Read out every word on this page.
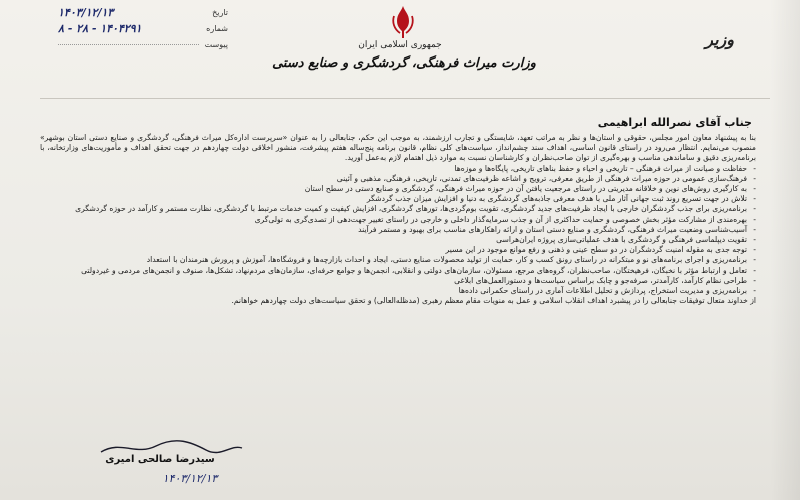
تاریخ
۱۴۰۳/۱۲/۱۳
شماره
۱۴۰۴۲۹۱ - ۲۸ - ۸
پیوست	جمهوری اسلامی ایران
وزارت میراث فرهنگی، گردشگری و صنایع دستی
وزیر
جناب آقای نصرالله ابراهیمی

بنا به پیشنهاد معاون امور مجلس، حقوقی و استان‌ها و نظر به مراتب تعهد، شایستگی و تجارب ارزشمند، به موجب این حکم، جنابعالی را به عنوان «سرپرست اداره‌کل میراث فرهنگی، گردشگری و صنایع دستی استان بوشهر» منصوب می‌نمایم. انتظار می‌رود در راستای قانون اساسی، اهداف سند چشم‌انداز، سیاست‌های کلی نظام، قانون برنامه پنج‌ساله هفتم پیشرفت، منشور اخلاقی دولت چهاردهم در جهت تحقق اهداف و مأموریت‌های وزارتخانه، با برنامه‌ریزی دقیق و ساماندهی مناسب و بهره‌گیری از توان صاحب‌نظران و کارشناسان نسبت به موارد ذیل اهتمام لازم به‌عمل آورید.

- حفاظت و صیانت از میراث فرهنگی – تاریخی و احیاء و حفظ بناهای تاریخی، پایگاه‌ها و موزه‌ها
- فرهنگ‌سازی عمومی در حوزه میراث فرهنگی از طریق معرفی، ترویج و اشاعه ظرفیت‌های تمدنی، تاریخی، فرهنگی، مذهبی و آئینی
- به کارگیری روش‌های نوین و خلاقانه مدیریتی در راستای مرجعیت یافتن آن در حوزه میراث فرهنگی، گردشگری و صنایع دستی در سطح استان
- تلاش در جهت تسریع روند ثبت جهانی آثار ملی با هدف معرفی جاذبه‌های گردشگری به دنیا و افزایش میزان جذب گردشگر
- برنامه‌ریزی برای جذب گردشگران خارجی با ایجاد ظرفیت‌های جدید گردشگری، تقویت بوم‌گردی‌ها، تورهای گردشگری، افزایش کیفیت و کمیت خدمات مرتبط با گردشگری، نظارت مستمر و کارآمد در حوزه گردشگری
- بهره‌مندی از مشارکت مؤثر بخش خصوصی و حمایت حداکثری از آن و جذب سرمایه‌گذار داخلی و خارجی در راستای تغییر جهت‌دهی از تصدی‌گری به تولی‌گری
- آسیب‌شناسی وضعیت میراث فرهنگی، گردشگری و صنایع دستی استان و ارائه راهکارهای مناسب برای بهبود و مستمر فرآیند
- تقویت دیپلماسی فرهنگی و گردشگری با هدف عملیاتی‌سازی پروژه ایران‌هراسی
- توجه جدی به مقوله امنیت گردشگران در دو سطح عینی و ذهنی و رفع موانع موجود در این مسیر
- برنامه‌ریزی و اجرای برنامه‌های نو و مبتکرانه در راستای رونق کسب و کار، حمایت از تولید محصولات صنایع دستی، ایجاد و احداث بازارچه‌ها و فروشگاه‌ها، آموزش و پرورش هنرمندان با استعداد
- تعامل و ارتباط مؤثر با نخبگان، فرهیختگان، صاحب‌نظران، گروه‌های مرجع، مسئولان، سازمان‌های دولتی و انقلابی، انجمن‌ها و جوامع حرفه‌ای، سازمان‌های مردم‌نهاد، تشکل‌ها، صنوف و انجمن‌های مردمی و غیردولتی
- طراحی نظام کارآمد، کارآمدتر، صرفه‌جو و چابک براساس سیاست‌ها و دستورالعمل‌های ابلاغی
- برنامه‌ریزی و مدیریت استخراج، پردازش و تحلیل اطلاعات آماری در راستای حکمرانی داده‌ها

از خداوند متعال توفیقات جنابعالی را در پیشبرد اهداف انقلاب اسلامی و عمل به منویات مقام معظم رهبری (مدظله‌العالی) و تحقق سیاست‌های دولت چهاردهم خواهانم.

سیدرضا صالحی امیری
۱۴۰۳/۱۲/۱۳
